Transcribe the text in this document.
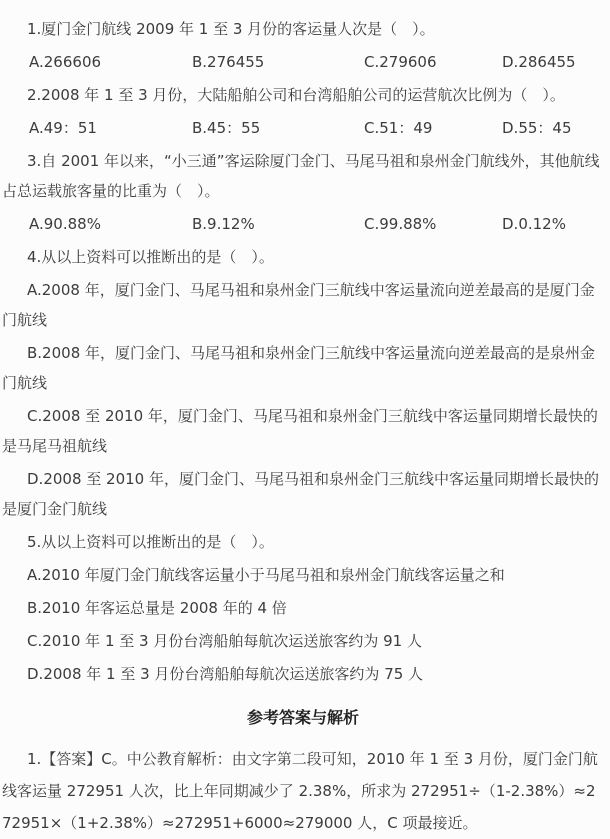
1.厦门金门航线 2009 年 1 至 3 月份的客运量人次是（　）。

A.266606	B.276455	C.279606	D.286455

2.2008 年 1 至 3 月份，大陆船舶公司和台湾船舶公司的运营航次比例为（　）。

A.49：51	B.45：55	C.51：49	D.55：45

3.自 2001 年以来，“小三通”客运除厦门金门、马尾马祖和泉州金门航线外，其他航线占总运载旅客量的比重为（　）。

A.90.88%	B.9.12%	C.99.88%	D.0.12%

4.从以上资料可以推断出的是（　）。

A.2008 年，厦门金门、马尾马祖和泉州金门三航线中客运量流向逆差最高的是厦门金门航线

B.2008 年，厦门金门、马尾马祖和泉州金门三航线中客运量流向逆差最高的是泉州金门航线

C.2008 至 2010 年，厦门金门、马尾马祖和泉州金门三航线中客运量同期增长最快的是马尾马祖航线

D.2008 至 2010 年，厦门金门、马尾马祖和泉州金门三航线中客运量同期增长最快的是厦门金门航线

5.从以上资料可以推断出的是（　）。

A.2010 年厦门金门航线客运量小于马尾马祖和泉州金门航线客运量之和

B.2010 年客运总量是 2008 年的 4 倍

C.2010 年 1 至 3 月份台湾船舶每航次运送旅客约为 91 人

D.2008 年 1 至 3 月份台湾船舶每航次运送旅客约为 75 人

参考答案与解析

1.【答案】C。中公教育解析：由文字第二段可知，2010 年 1 至 3 月份，厦门金门航线客运量 272951 人次，比上年同期减少了 2.38%，所求为 272951÷（1-2.38%）≈272951×（1+2.38%）≈272951+6000≈279000 人，C 项最接近。
